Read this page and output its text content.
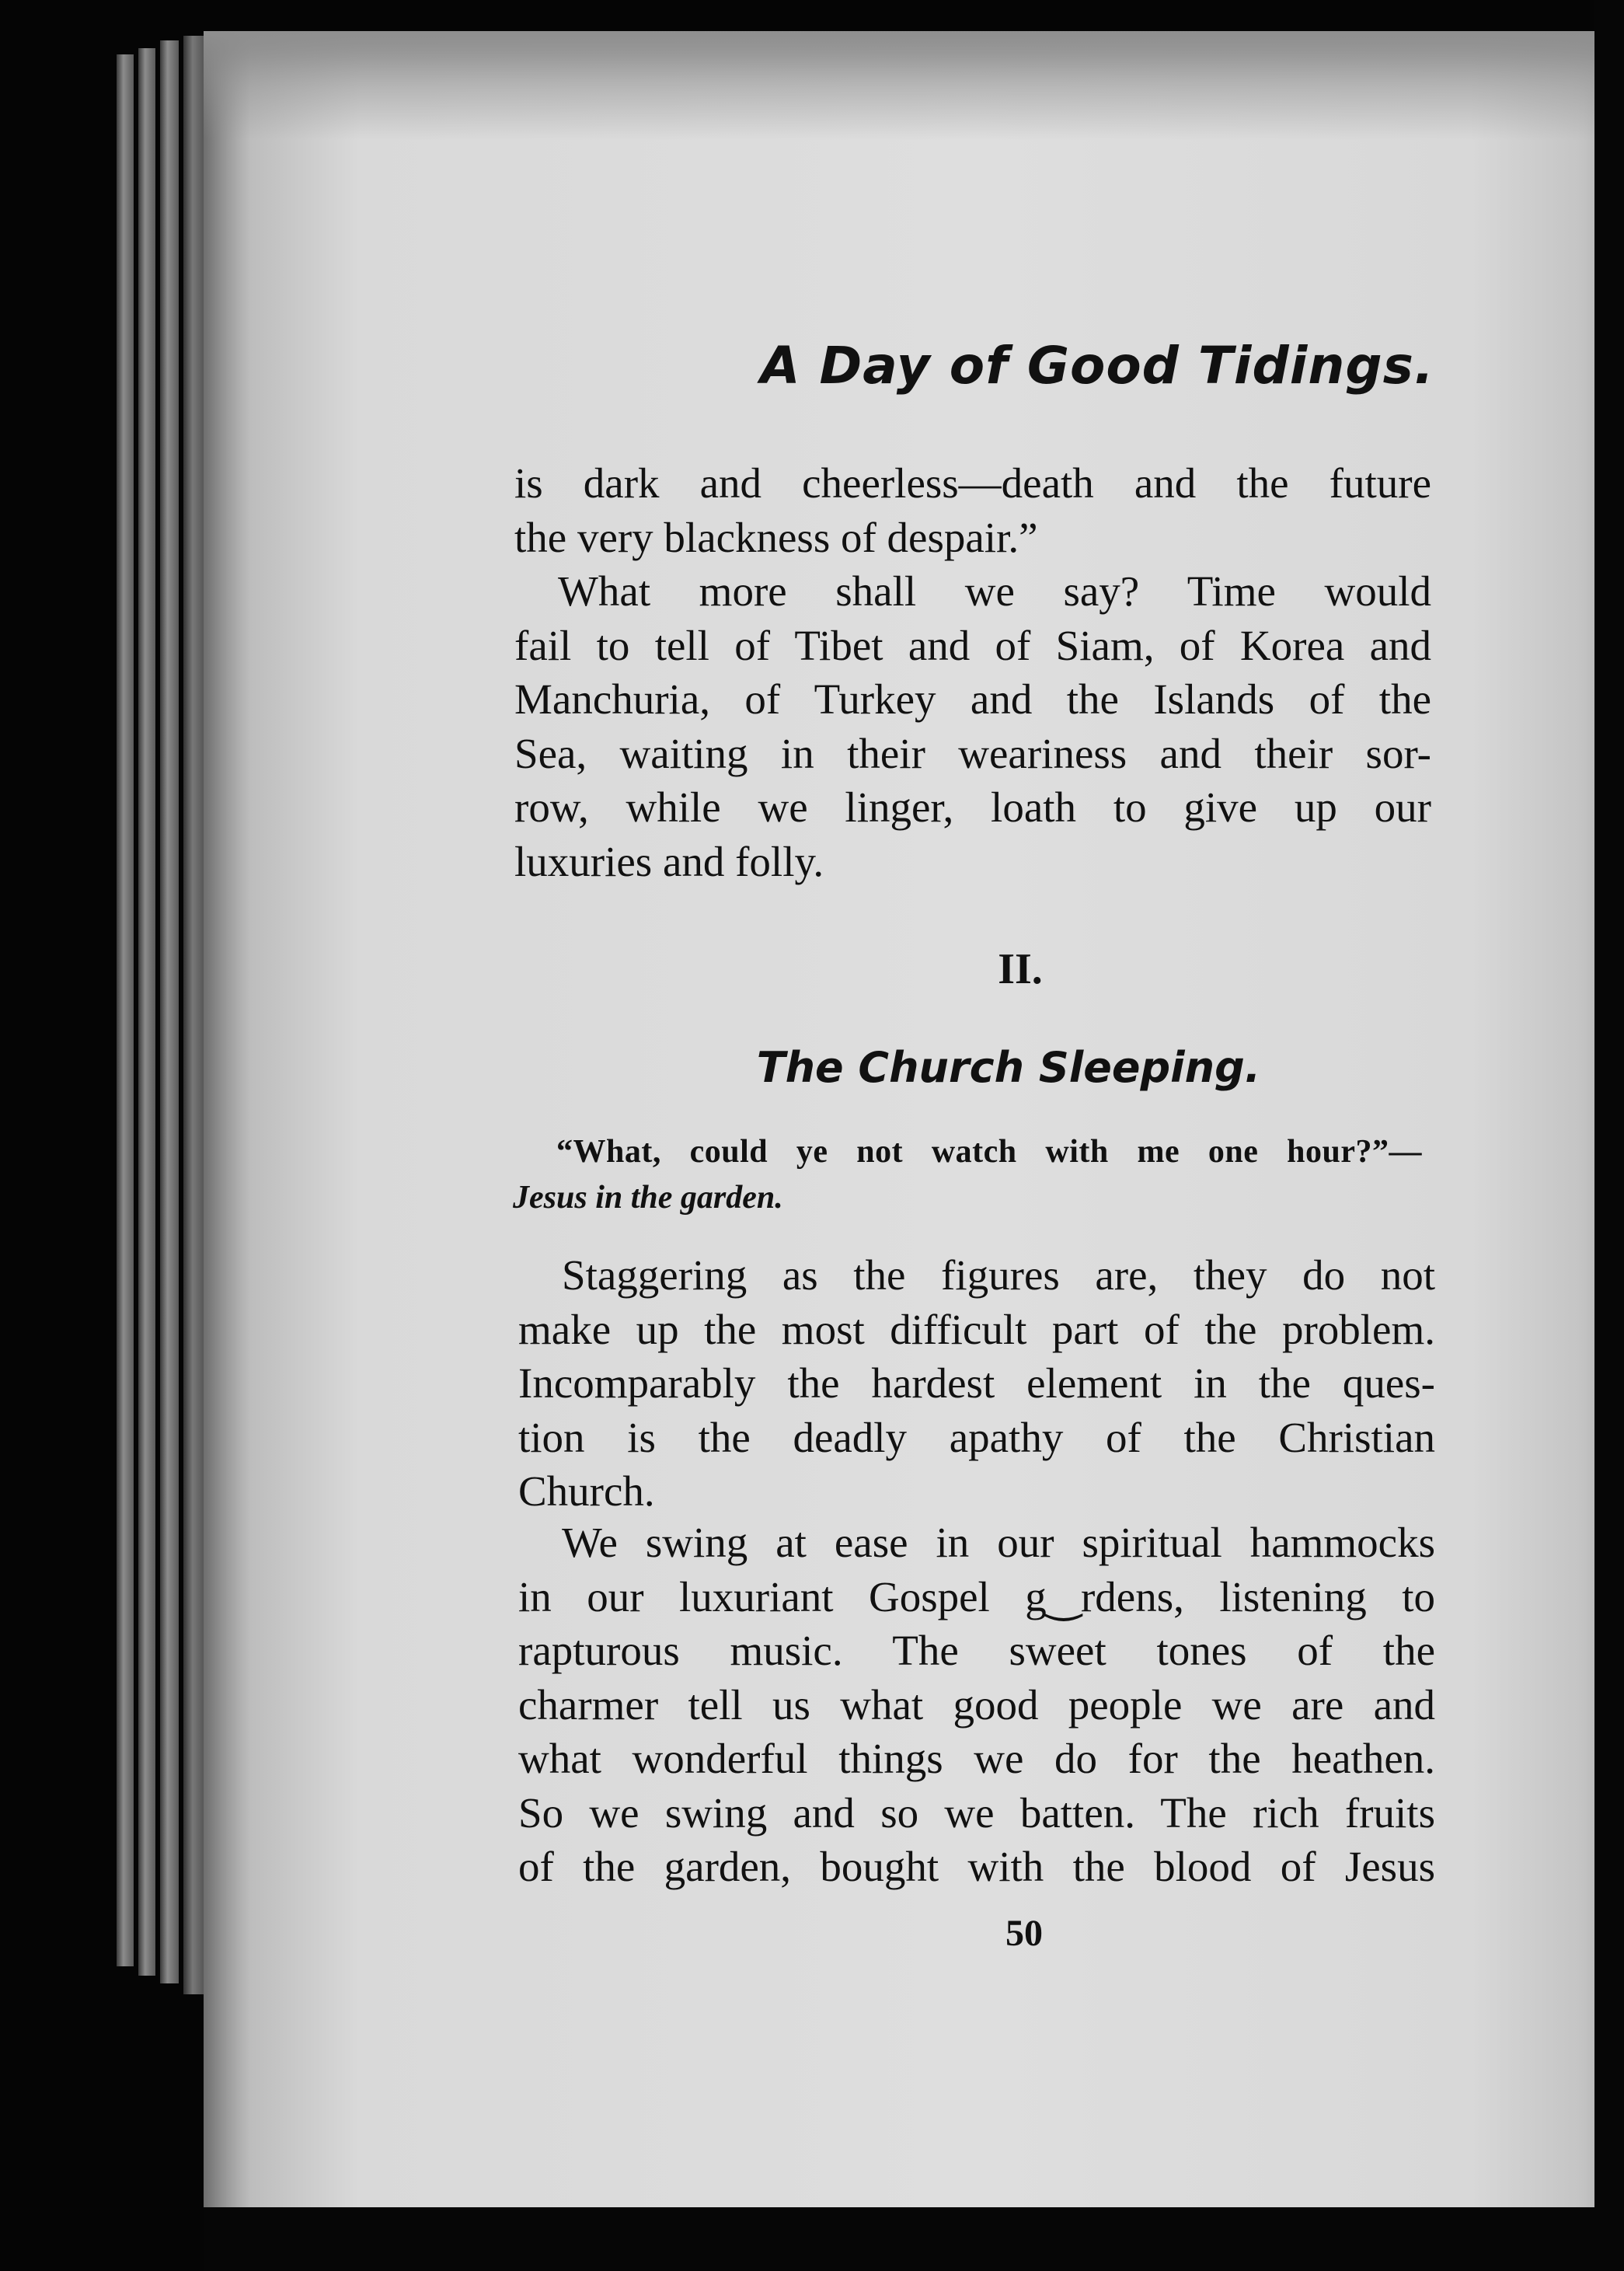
A Day of Good Tidings.
is dark and cheerless—death and the future
the very blackness of despair.”
What more shall we say? Time would
fail to tell of Tibet and of Siam, of Korea and
Manchuria, of Turkey and the Islands of the
Sea, waiting in their weariness and their sor-
row, while we linger, loath to give up our
luxuries and folly.
II.
The Church Sleeping.
“What, could ye not watch with me one hour?”—
Jesus in the garden.
Staggering as the figures are, they do not
make up the most difficult part of the problem.
Incomparably the hardest element in the ques-
tion is the deadly apathy of the Christian
Church.
We swing at ease in our spiritual hammocks
in our luxuriant Gospel g‿rdens, listening to
rapturous music. The sweet tones of the
charmer tell us what good people we are and
what wonderful things we do for the heathen.
So we swing and so we batten. The rich fruits
of the garden, bought with the blood of Jesus
50
